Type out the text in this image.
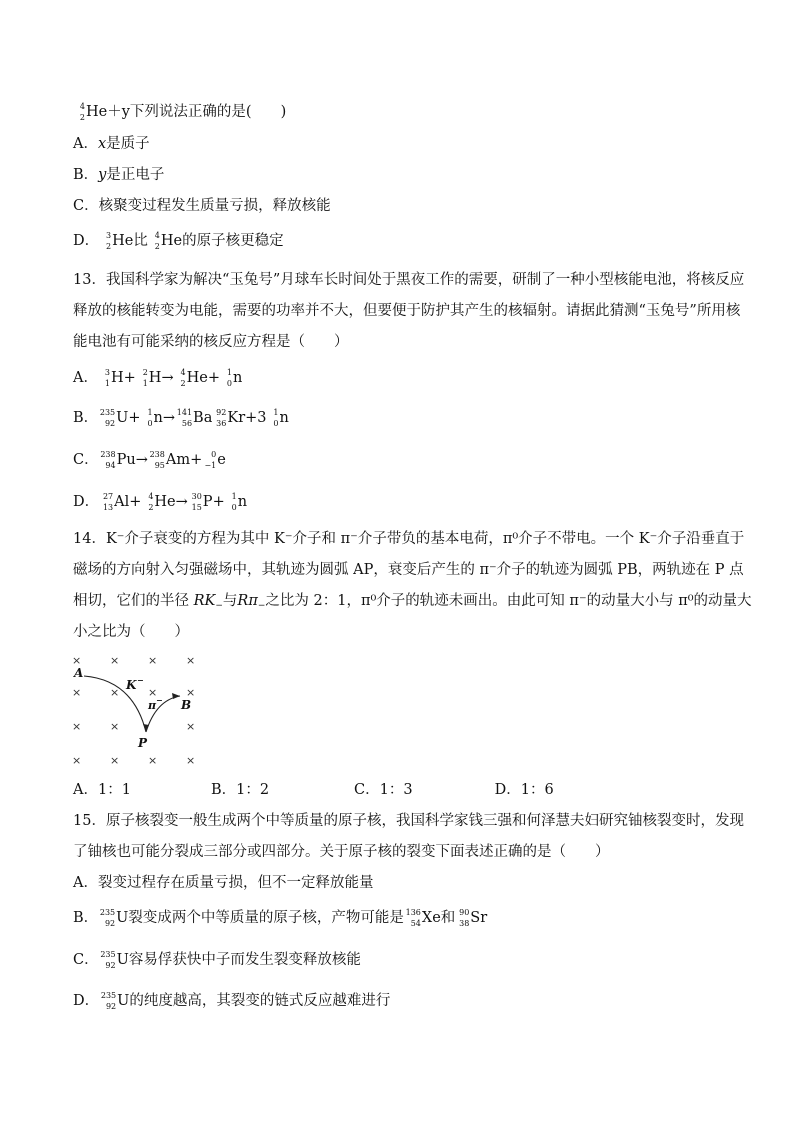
4
2 He＋y下列说法正确的是(　　)
A．x是质子
B．y是正电子
C．核聚变过程发生质量亏损，释放核能
D． 3
2 He比 4
2 He的原子核更稳定
13．我国科学家为解决“玉兔号”月球车长时间处于黑夜工作的需要，研制了一种小型核能电池，将核反应
释放的核能转变为电能，需要的功率并不大，但要便于防护其产生的核辐射。请据此猜测“玉兔号”所用核
能电池有可能采纳的核反应方程是（　　）
A． 3
1 H+ 2
1 H→ 4
2 He+ 1
0 n
B． 235
92 U+ 1
0 n→ 141
56 Ba 92
36 Kr+3 1
0 n
C． 238
94 Pu→ 238
95 Am+ 0
−1 e
D． 27
13 Al+ 4
2 He→ 30
15 P+ 1
0 n
14．K⁻介子衰变的方程为其中 K⁻介子和 π⁻介子带负的基本电荷，π⁰介子不带电。一个 K⁻介子沿垂直于
磁场的方向射入匀强磁场中，其轨迹为圆弧 AP，衰变后产生的 π⁻介子的轨迹为圆弧 PB，两轨迹在 P 点
相切，它们的半径 $RK_-$与$R\pi_-$之比为 2：1，π⁰介子的轨迹未画出。由此可知 π⁻的动量大小与 π⁰的动量大
小之比为（　　）
×	×	×	×
×	×	×	×
×	×	×
×	×	×	×
A
K −
π − B
P
A．1：1	B．1：2	C．1：3	D．1：6
15．原子核裂变一般生成两个中等质量的原子核，我国科学家钱三强和何泽慧夫妇研究铀核裂变时，发现
了铀核也可能分裂成三部分或四部分。关于原子核的裂变下面表述正确的是（　　）
A．裂变过程存在质量亏损，但不一定释放能量
B． 235
92 U裂变成两个中等质量的原子核，产物可能是 136
54 Xe和 90
38 Sr
C． 235
92 U容易俘获快中子而发生裂变释放核能
D． 235
92 U的纯度越高，其裂变的链式反应越难进行
